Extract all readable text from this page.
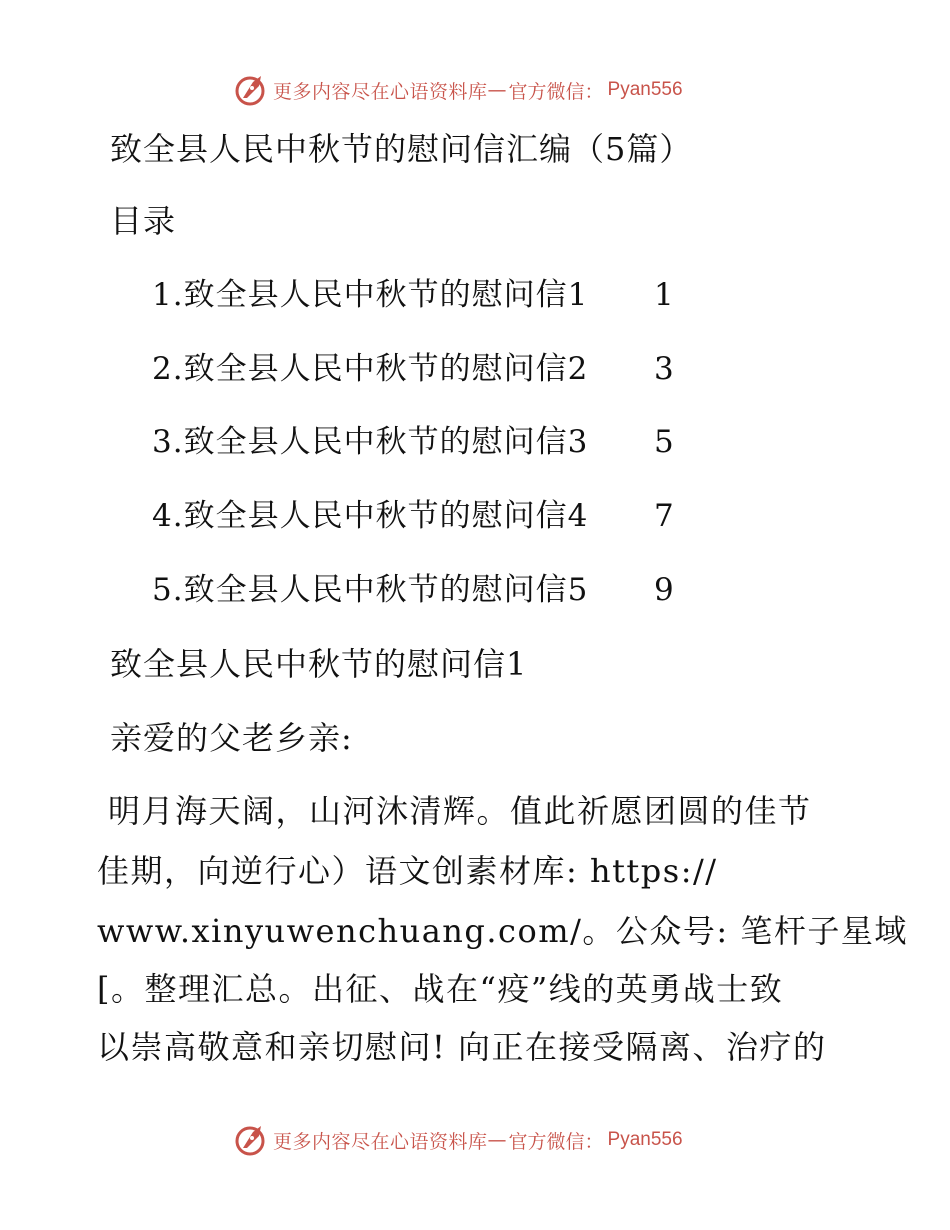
更多内容尽在心语资料库 — 官方微信： Pyan556
致全县人民中秋节的慰问信汇编（5篇）
目录
1.致全县人民中秋节的慰问信1 1
2.致全县人民中秋节的慰问信2 3
3.致全县人民中秋节的慰问信3 5
4.致全县人民中秋节的慰问信4 7
5.致全县人民中秋节的慰问信5 9
致全县人民中秋节的慰问信1
亲爱的父老乡亲:
明月海天阔，山河沐清辉。值此祈愿团圆的佳节
佳期，向逆行心）语文创素材库: https://
www.xinyuwenchuang.com/。公众号: 笔杆子星域
[。整理汇总。出征、战在“疫”线的英勇战士致
以崇高敬意和亲切慰问! 向正在接受隔离、治疗的
更多内容尽在心语资料库 — 官方微信： Pyan556
